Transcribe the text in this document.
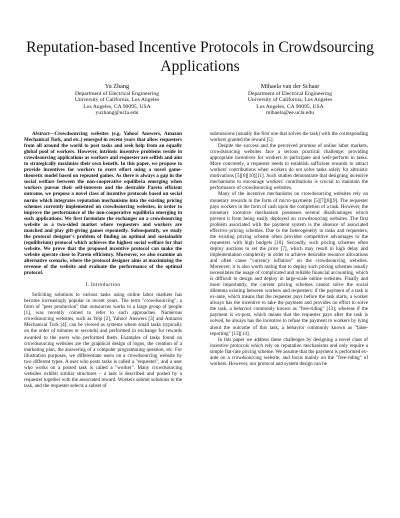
Reputation-based Incentive Protocols in Crowdsourcing Applications
Yu Zhang
Department of Electrical Engineering
University of California, Los Angeles
Los Angeles, CA 90095, USA
yuzhang@ucla.edu
Mihaela van der Schaar
Department of Electrical Engineering
University of California, Los Angeles
Los Angeles, CA 90095, USA
mihaela@ee.ucla.edu

Abstract—Crowdsourcing websites (e.g. Yahoo! Answers, Amazon Mechanical Turk, and etc.) emerged in recent years that allow requesters from all around the world to post tasks and seek help from an equally global pool of workers. However, intrinsic incentive problems reside in crowdsourcing applications as workers and requester are selfish and aim to strategically maximize their own benefit. In this paper, we propose to provide incentives for workers to exert effort using a novel game-theoretic model based on repeated games. As there is always a gap in the social welfare between the non-cooperative equilibria emerging when workers pursue their self-interests and the desirable Pareto efficient outcome, we propose a novel class of incentive protocols based on social norms which integrates reputation mechanisms into the existing pricing schemes currently implemented on crowdsourcing websites, in order to improve the performance of the non-cooperative equilibria emerging in such applications. We first formulate the exchanges on a crowdsourcing website as a two-sided market where requesters and workers are matched and play gift-giving games repeatedly. Subsequently, we study the protocol designer's problem of finding an optimal and sustainable (equilibrium) protocol which achieves the highest social welfare for that website. We prove that the proposed incentive protocol can make the website operate close to Pareto efficiency. Moreover, we also examine an alternative scenario, where the protocol designer aims at maximizing the revenue of the website and evaluate the performance of the optimal protocol.

I. Introduction

Soliciting solutions to various tasks using online labor markets has become increasingly popular in recent years. The term "crowdsourcing", a form of "peer production" that outsources works to a large group of people [1], was recently coined to refer to such approaches. Numerous crowdsourcing websites, such as Yelp [2], Yahoo! Answers [3] and Amazon Mechanical Turk [4], can be viewed as systems where small tasks (typically on the order of minutes or seconds) and performed in exchange for rewards awarded to the users who performed them. Examples of tasks found on crowdsourcing websites are the graphical design of logos, the creation of a marketing plan, the answering of a computer programming question, etc. For illustration purposes, we differentiate users on a crowdsourcing website by two different types. A user who posts tasks is called a "requester", and a user who works on a posted task is called a "worker". Many crowdsourcing websites exhibit similar structures – a task is described and posted by a requester together with the associated reward. Workers submit solutions to the task, and the requester selects a subset of

submissions (usually the first one that solves the task) with the corresponding workers granted the reward [5].

Despite the success and the perceived promise of online labor markets, crowdsourcing websites face a serious practical challenge: providing appropriate incentives for workers to participate and well-perform in tasks. More concretely, a requester needs to establish sufficient rewards to attract workers' contributions when workers do not solve tasks solely for altruistic motivations [5][6][10][11]. Such studies demonstrate that designing incentive mechanisms to encourage workers' contributions is crucial to maintain the performance of crowdsourcing websites.

Many of the incentive mechanisms on crowdsourcing websites rely on monetary rewards in the form of micro-payments [5][7][8][9]. The requester pays workers in the form of cash upon the completion of a task. However, the monetary incentive mechanism possesses several disadvantages which prevent it from being easily deployed on crowdsourcing websites. The first problem associated with the payment system is the absence of associated effective pricing schemes. Due to the heterogeneity in tasks and requesters, the existing pricing scheme often provides competitive advantages to the requesters with high budgets [10]. Secondly, such pricing schemes often deploy auctions to set the price [7], which may result in high delay and implementation complexity in order to achieve desirable resource allocations and often cause "currency inflation" on the crowdsourcing websites. Moreover, it is also worth noting that to deploy such pricing schemes usually necessitates the usage of complicated and reliable financial accounting, which is difficult to design and deploy in large-scale online websites. Finally and most importantly, the current pricing schemes cannot solve the social dilemma existing between workers and requesters: if the payment of a task is ex-ante, which means that the requester pays before the task starts, a worker always has the incentive to take the payment and provides no effort to solve the task, a behavior commonly known as "free-riding" [13]; whereas if the payment is ex-post, which means that the requester pays after the task is solved, he always has the incentive to refuse the payment to workers by lying about the outcome of this task, a behavior commonly known as "false-reporting" [13][14].

In this paper we address these challenges by designing a novel class of incentive protocols which rely on reputation mechanisms and only require a simple flat-rate pricing scheme. We assume that the payment is performed ex-ante on a crowdsourcing website, and focus mainly on the "free-riding" of workers. However, our protocol and system design can be
